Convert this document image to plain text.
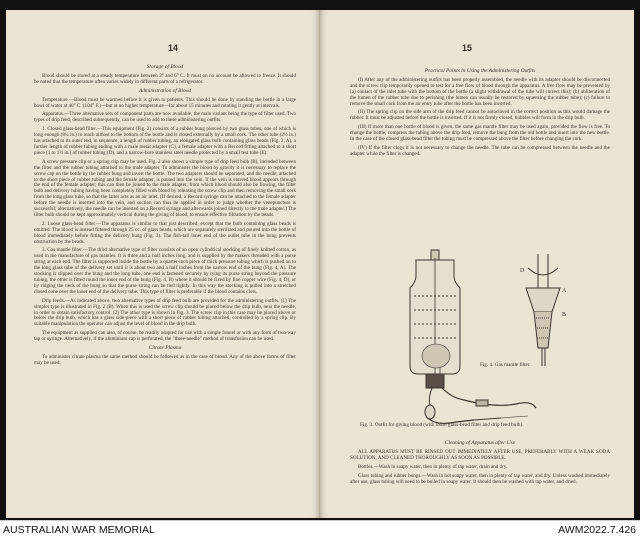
14
Storage of Blood

Blood should be stored at a steady temperature between 2° and 6° C. It must on no account be allowed to freeze. It should be noted that the temperature often varies widely in different parts of a refrigerator.

Administration of Blood

Temperature.—Blood must be warmed before it is given to patients. This should be done by standing the bottle in a large bowl of water at 40° C. (104° F.)—but at no higher temperature—for about 15 minutes and rotating it gently at intervals.

Apparatus.—Three alternative sets of component parts are now available, the main variant being the type of filter used. Two types of drip feed, described subsequently, can be used to add to these administering outfits.

1. Closed glass-bead filter.—This equipment (Fig. 2) consists of a rubber bung pierced by two glass tubes, one of which is long enough (8¼ in.) to reach almost to the bottom of the bottle and is closed externally by a small cork. The other tube (2½ in.) has attached to its outer end, in sequence, a length of rubber tubing, an elongated glass bulb containing glass beads (Fig. 2, A), a further length of rubber tubing ending with a male metal adapter (C), a female adapter with a Record fitting attached to a short piece (1 to 1½ in.) of rubber tubing (D), and a narrow-bore stainless steel needle protected by a small test tube (E).

A screw pressure clip or a spring clip may be used. Fig. 2 also shows a simple type of drip feed bulb (B), included between the filter and the rubber tubing attached to the male adapter. To administer the blood by gravity it is necessary to replace the screw cap on the bottle by the rubber bung and invert the bottle. The two adapters should be separated, and the needle, attached to the short piece of rubber tubing and the female adapter, is passed into the vein. If the vein is entered blood appears through the end of the female adapter; this can then be joined to the male adapter, from which blood should also be flowing, the filter bulb and delivery tubing having been completely filled with blood by releasing the screw clip and then removing the small cork from the long glass tube, so that the latter acts as an air inlet. (If desired, a Record syringe can be attached to the female adapter before the needle is inserted into the vein, and suction can thus be applied in order to judge whether the venepuncture is successful; alternatively, the needle can be inserted on a Record syringe and afterwards joined directly to the male adapter.) The filter bulb should be kept approximately vertical during the giving of blood, to ensure effective filtration by the beads.

2. Loose glass-bead filter.—The apparatus is similar to that just described, except that the bulb containing glass beads is omitted. The blood is instead filtered through 25 cc. of glass beads, which are separately sterilized and poured into the bottle of blood immediately before fitting the delivery bung (Fig. 3). The fish-tail inner end of the outlet tube in the bung prevents obstruction by the beads.

3. Gas mantle filter.—The third alternative type of filter consists of an open cylindrical stocking of finely knitted cotton, as used in the manufacture of gas mantles. It is three and a half inches long, and is supplied by the makers threaded with a purse string at each end. The filter is supported inside the bottle by a quarter-inch piece of thick pressure tubing which is pushed on to the long glass tube of the delivery set until it is about two and a half inches from the narrow end of the bung (Fig. 4, A). The stocking is slipped over the bung and the long tube, one end is fastened securely by tying its purse string beyond the pressure tubing, the other is fitted round the inner end of the bung (Fig. 4, B) where it should be fixed by fine copper wire (Fig. 4, D), or by ridging the neck of the bung so that the purse string can be tied tightly. In this way the stocking is pulled into a stretched closed cone over the inner end of the delivery tube. This type of filter is preferable if the blood contains clots.

Drip feeds.—As indicated above, two alternative types of drip feed bulb are provided for the administering outfits. (1) The simpler type is illustrated in Fig. 2 (B). When this is used the screw clip should be placed below the drip bulb, near the needle, in order to obtain satisfactory control. (2) The other type is shown in Fig. 3. The screw clip in this case may be placed above or below the drip bulb, which has a glass side-piece with a short piece of rubber tubing attached, controlled by a spring clip. By suitable manipulation the operator can adjust the level of blood in the drip bulb.

The equipment as supplied can also, of course, be readily adapted for use with a simple funnel or with any form of two-way tap or syringe. Alternatively, if the aluminium cap is perforated, the "three-needle" method of transfusion can be used.

Citrate Plasma

To administer citrate plasma the same method should be followed as in the case of blood. Any of the above forms of filter may be used.

15
Practical Points in Using the Administering Outfits

(I) After any of the administering outfits has been properly assembled, the needle with its adapter should be disconnected and the screw clip temporarily opened to test for a free flow of blood through the apparatus. A free flow may be prevented by (a) contact of the inlet tube with the bottom of the bottle (a slight withdrawal of the tube will correct this); (b) obliteration of the lumen of the rubber tube due to perishing (the lumen can usually be restored by squeezing the rubber tube); (c) failure to remove the small cork from the air entry tube after the bottle has been inverted.

(II) The spring clip on the side arm of the drip feed cannot be autoclaved in the correct position as this would damage the rubber. It must be adjusted before the bottle is inverted. If it is not firmly closed, bubbles will form in the drip bulb.

(III) If more than one bottle of blood is given, the same gas mantle filter may be used again, provided the flow is free. To change the bottle, compress the tubing above the drip feed, remove the bung from the old bottle and insert into the new bottle. In the case of the closed glass-bead filter the tubing must be compressed above the filter before changing the cork.

(IV) If the filter clogs it is not necessary to change the needle. The tube can be compressed between the needle and the adapter while the filter is changed.

A
B
D
Fig. 4. Gas mantle filter.
Fig. 3. Outfit for giving blood (with loose glass-bead filter and drip feed bulb).
Cleaning of Apparatus after Use

ALL APPARATUS MUST BE RINSED OUT IMMEDIATELY AFTER USE, PREFERABLY WITH A WEAK SODA SOLUTION, AND CLEANED THOROUGHLY AS SOON AS POSSIBLE.

Bottles.—Wash in soapy water, then in plenty of tap water, drain and dry.

Glass tubing and rubber bungs.—Wash in hot soapy water, then in plenty of tap water, and dry. Unless washed immediately after use, glass tubing will need to be boiled in soapy water. It should then be washed with tap water, and dried.

AUSTRALIAN WAR MEMORIAL	AWM2022.7.426
